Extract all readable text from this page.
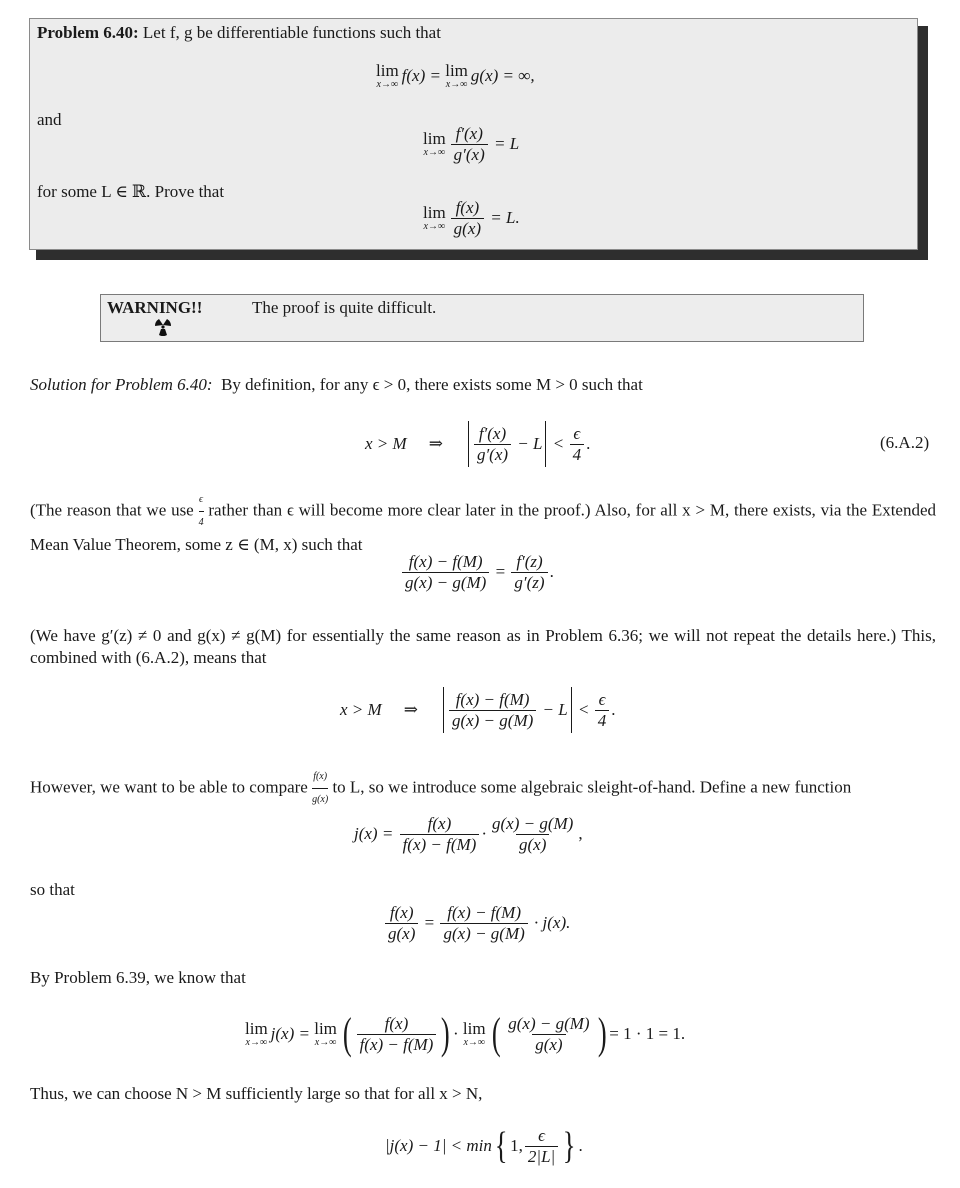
Problem 6.40: Let f, g be differentiable functions such that
lim
x→∞ f(x) =
lim
x→∞ g(x) = ∞,
and
lim
$x\to\infty \frac{f'(x)}{g'(x)}$
= L
for some L ∈ ℝ. Prove that
lim
$x\to\infty \frac{f(x)}{g(x)}$
= L.
WARNING!!	The proof is quite difficult.
Solution for Problem 6.40: By definition, for any ϵ > 0, there exists some M > 0 such that
x > M ⇒ $\frac{f'(x)}{g'(x)}$
− L
<
$\frac{\epsilon}{4}$ .	(6.A.2)
(The reason that we use $\frac{\epsilon}{4}$ rather than ϵ will become more clear later in the proof.) Also, for all x > M, there exists, via the Extended Mean Value Theorem, some z ∈ (M, x) such that
$\frac{f(x) - f(M)}{g(x) - g(M)}$
=
$\frac{f'(z)}{g'(z)}$ .
(We have g′(z) ≠ 0 and g(x) ≠ g(M) for essentially the same reason as in Problem 6.36; we will not repeat the details here.) This, combined with (6.A.2), means that
x > M ⇒ $\frac{f(x) - f(M)}{g(x) - g(M)}$
− L
<
$\frac{\epsilon}{4}$ .
However, we want to be able to compare $\frac{f(x)}{g(x)}$ to L, so we introduce some algebraic sleight-of-hand. Define a new function
j(x) =
$\frac{f(x)}{f(x) - f(M)} \cdot \frac{g(x) - g(M)}{g(x)}$ ,
so that
$\frac{f(x)}{g(x)}$
=
$\frac{f(x) - f(M)}{g(x) - g(M)}$
· j(x).
By Problem 6.39, we know that
lim
x→∞ j(x) =
lim
x→∞ ( $\frac{f(x)}{f(x) - f(M)}$ ) ·
lim
x→∞ ( $\frac{g(x) - g(M)}{g(x)}$ ) = 1 · 1 = 1.
Thus, we can choose N > M sufficiently large so that for all x > N,
|j(x) − 1| < min { 1, $\frac{\epsilon}{2|L|}$ } .
